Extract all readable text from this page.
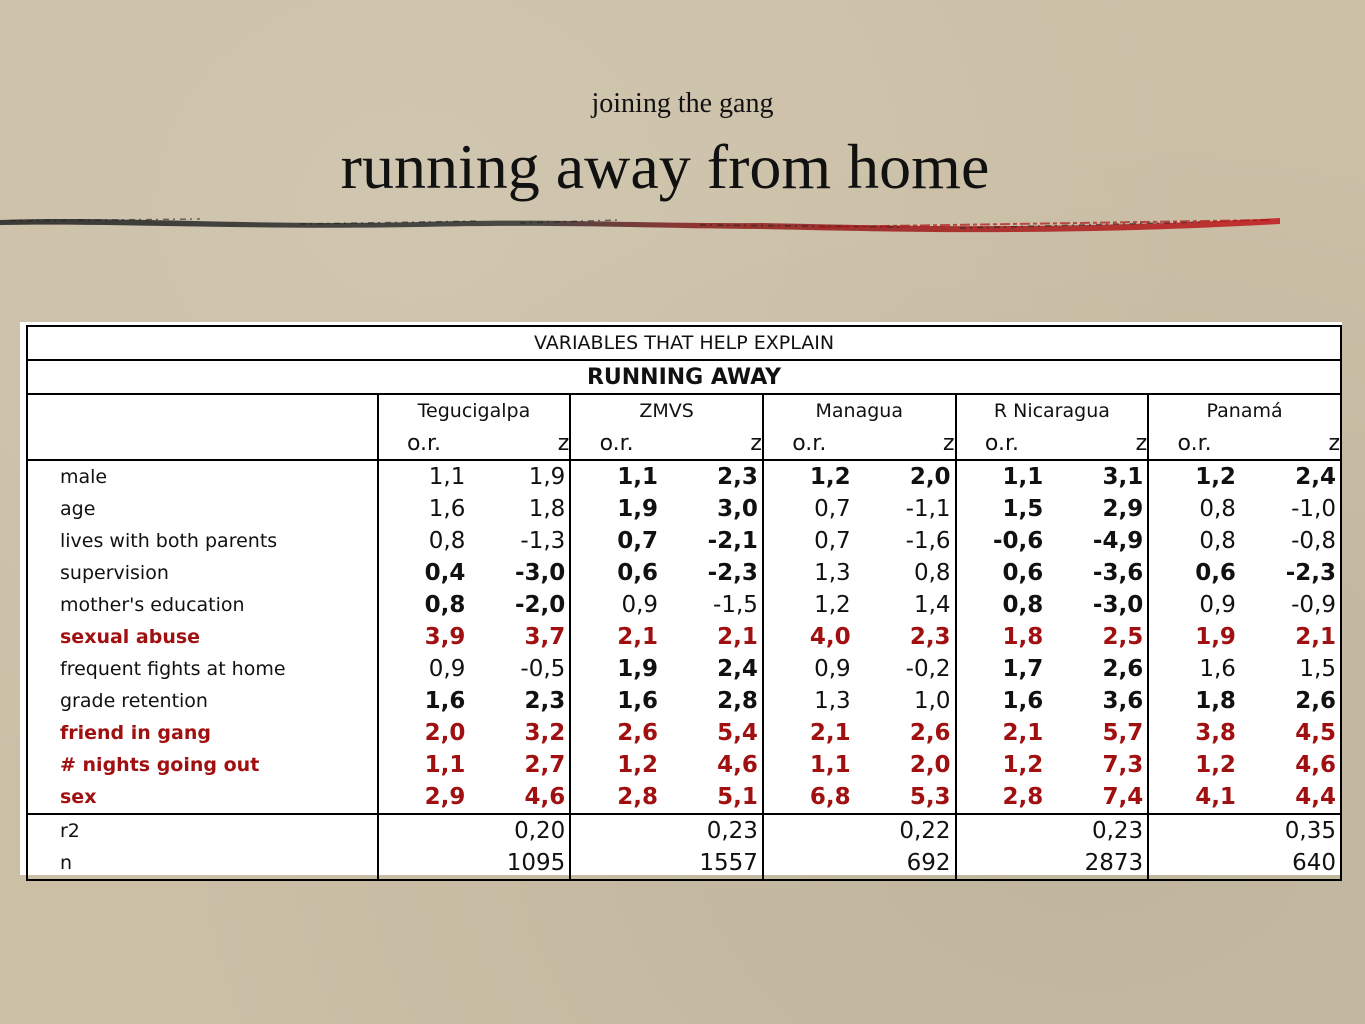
joining the gang
running away from home
VARIABLES THAT HELP EXPLAIN										
RUNNING AWAY										
	Tegucigalpa		ZMVS		Managua		R Nicaragua		Panamá	
	o.r.	z	o.r.	z	o.r.	z	o.r.	z	o.r.	z
male	1,1	1,9	1,1	2,3	1,2	2,0	1,1	3,1	1,2	2,4
age	1,6	1,8	1,9	3,0	0,7	-1,1	1,5	2,9	0,8	-1,0
lives with both parents	0,8	-1,3	0,7	-2,1	0,7	-1,6	-0,6	-4,9	0,8	-0,8
supervision	0,4	-3,0	0,6	-2,3	1,3	0,8	0,6	-3,6	0,6	-2,3
mother's education	0,8	-2,0	0,9	-1,5	1,2	1,4	0,8	-3,0	0,9	-0,9
sexual abuse	3,9	3,7	2,1	2,1	4,0	2,3	1,8	2,5	1,9	2,1
frequent fights at home	0,9	-0,5	1,9	2,4	0,9	-0,2	1,7	2,6	1,6	1,5
grade retention	1,6	2,3	1,6	2,8	1,3	1,0	1,6	3,6	1,8	2,6
friend in gang	2,0	3,2	2,6	5,4	2,1	2,6	2,1	5,7	3,8	4,5
# nights going out	1,1	2,7	1,2	4,6	1,1	2,0	1,2	7,3	1,2	4,6
sex	2,9	4,6	2,8	5,1	6,8	5,3	2,8	7,4	4,1	4,4
r2	0,20		0,23		0,22		0,23		0,35	
n	1095		1557		692		2873		640	
